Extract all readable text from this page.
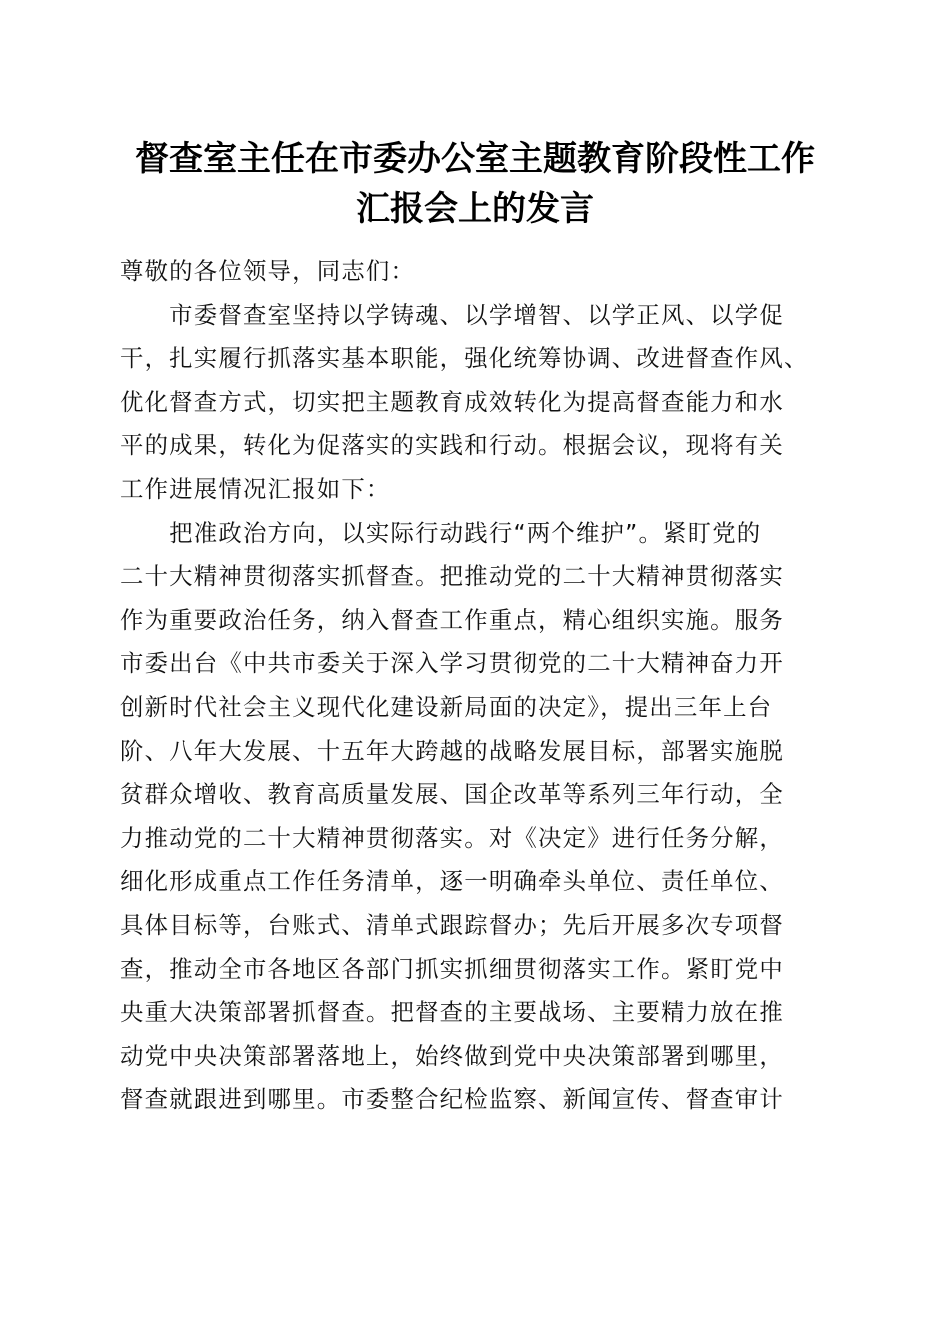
督查室主任在市委办公室主题教育阶段性工作
汇报会上的发言
尊敬的各位领导，同志们：
　　市委督查室坚持以学铸魂、以学增智、以学正风、以学促
干，扎实履行抓落实基本职能，强化统筹协调、改进督查作风、
优化督查方式，切实把主题教育成效转化为提高督查能力和水
平的成果，转化为促落实的实践和行动。根据会议，现将有关
工作进展情况汇报如下：
　　把准政治方向，以实际行动践行“两个维护”。紧盯党的
二十大精神贯彻落实抓督查。把推动党的二十大精神贯彻落实
作为重要政治任务，纳入督查工作重点，精心组织实施。服务
市委出台《中共市委关于深入学习贯彻党的二十大精神奋力开
创新时代社会主义现代化建设新局面的决定》，提出三年上台
阶、八年大发展、十五年大跨越的战略发展目标，部署实施脱
贫群众增收、教育高质量发展、国企改革等系列三年行动，全
力推动党的二十大精神贯彻落实。对《决定》进行任务分解，
细化形成重点工作任务清单，逐一明确牵头单位、责任单位、
具体目标等，台账式、清单式跟踪督办；先后开展多次专项督
查，推动全市各地区各部门抓实抓细贯彻落实工作。紧盯党中
央重大决策部署抓督查。把督查的主要战场、主要精力放在推
动党中央决策部署落地上，始终做到党中央决策部署到哪里，
督查就跟进到哪里。市委整合纪检监察、新闻宣传、督查审计
